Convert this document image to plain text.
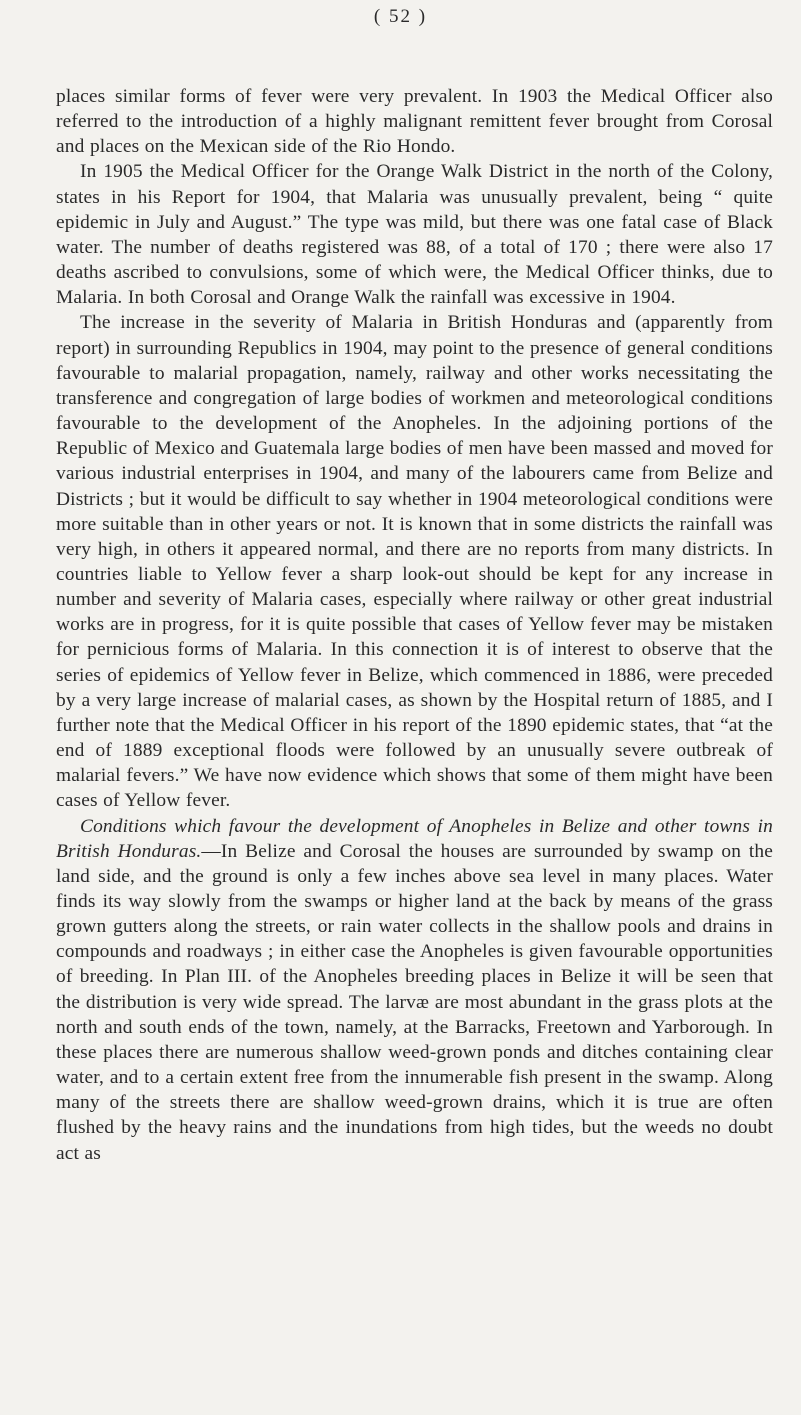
( 52 )

places similar forms of fever were very prevalent. In 1903 the Medical Officer also referred to the introduction of a highly malignant remittent fever brought from Corosal and places on the Mexican side of the Rio Hondo.

In 1905 the Medical Officer for the Orange Walk District in the north of the Colony, states in his Report for 1904, that Malaria was unusually prevalent, being “ quite epidemic in July and August.” The type was mild, but there was one fatal case of Black water. The number of deaths registered was 88, of a total of 170 ; there were also 17 deaths ascribed to convulsions, some of which were, the Medical Officer thinks, due to Malaria. In both Corosal and Orange Walk the rainfall was excessive in 1904.

The increase in the severity of Malaria in British Honduras and (apparently from report) in surrounding Republics in 1904, may point to the presence of general conditions favourable to malarial propagation, namely, railway and other works necessitating the transference and congregation of large bodies of workmen and meteorological conditions favourable to the development of the Anopheles. In the adjoining portions of the Republic of Mexico and Guatemala large bodies of men have been massed and moved for various industrial enterprises in 1904, and many of the labourers came from Belize and Districts ; but it would be difficult to say whether in 1904 meteorological conditions were more suitable than in other years or not. It is known that in some districts the rainfall was very high, in others it appeared normal, and there are no reports from many districts. In countries liable to Yellow fever a sharp look-out should be kept for any increase in number and severity of Malaria cases, especially where railway or other great industrial works are in progress, for it is quite possible that cases of Yellow fever may be mistaken for pernicious forms of Malaria. In this connection it is of interest to observe that the series of epidemics of Yellow fever in Belize, which commenced in 1886, were preceded by a very large increase of malarial cases, as shown by the Hospital return of 1885, and I further note that the Medical Officer in his report of the 1890 epidemic states, that “at the end of 1889 exceptional floods were followed by an unusually severe outbreak of malarial fevers.” We have now evidence which shows that some of them might have been cases of Yellow fever.

Conditions which favour the development of Anopheles in Belize and other towns in British Honduras.—In Belize and Corosal the houses are surrounded by swamp on the land side, and the ground is only a few inches above sea level in many places. Water finds its way slowly from the swamps or higher land at the back by means of the grass grown gutters along the streets, or rain water collects in the shallow pools and drains in compounds and roadways ; in either case the Anopheles is given favourable opportunities of breeding. In Plan III. of the Anopheles breeding places in Belize it will be seen that the distribution is very wide spread. The larvæ are most abundant in the grass plots at the north and south ends of the town, namely, at the Barracks, Freetown and Yarborough. In these places there are numerous shallow weed-grown ponds and ditches containing clear water, and to a certain extent free from the innumerable fish present in the swamp. Along many of the streets there are shallow weed-grown drains, which it is true are often flushed by the heavy rains and the inundations from high tides, but the weeds no doubt act as
